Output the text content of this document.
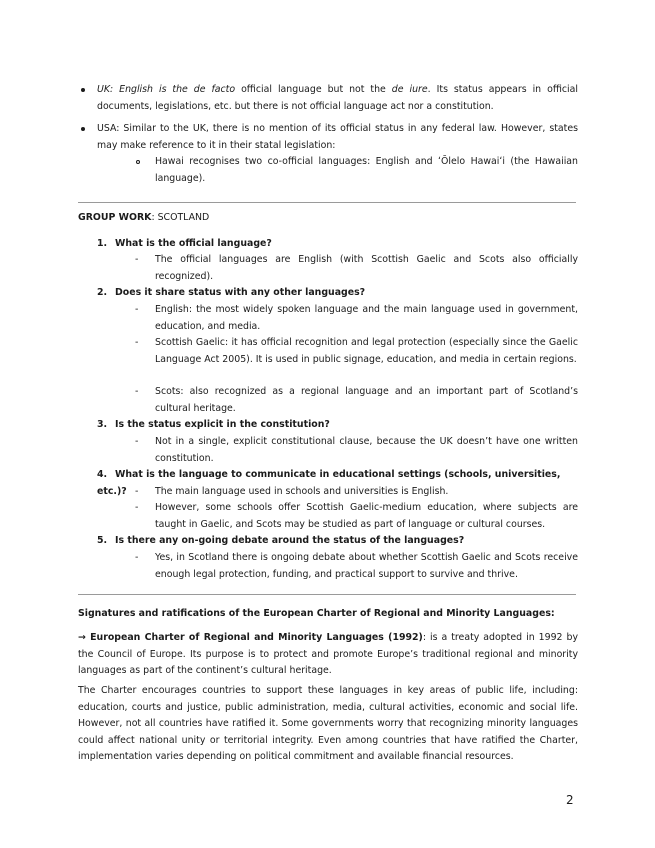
UK: English is the de facto official language but not the de iure. Its status appears in official documents, legislations, etc. but there is not official language act nor a constitution.
USA: Similar to the UK, there is no mention of its official status in any federal law. However, states may make reference to it in their statal legislation:
Hawai recognises two co-official languages: English and ʻŌlelo Hawaiʻi (the Hawaiian language).
GROUP WORK: SCOTLAND
1. What is the official language?
- The official languages are English (with Scottish Gaelic and Scots also officially recognized).
2. Does it share status with any other languages?
- English: the most widely spoken language and the main language used in government, education, and media.
- Scottish Gaelic: it has official recognition and legal protection (especially since the Gaelic Language Act 2005). It is used in public signage, education, and media in certain regions.
- Scots: also recognized as a regional language and an important part of Scotland’s cultural heritage.
3. Is the status explicit in the constitution?
- Not in a single, explicit constitutional clause, because the UK doesn’t have one written constitution.
4. What is the language to communicate in educational settings (schools, universities, etc.)? - The main language used in schools and universities is English.
- However, some schools offer Scottish Gaelic-medium education, where subjects are taught in Gaelic, and Scots may be studied as part of language or cultural courses.
5. Is there any on-going debate around the status of the languages?
- Yes, in Scotland there is ongoing debate about whether Scottish Gaelic and Scots receive enough legal protection, funding, and practical support to survive and thrive.
Signatures and ratifications of the European Charter of Regional and Minority Languages:
→ European Charter of Regional and Minority Languages (1992): is a treaty adopted in 1992 by the Council of Europe. Its purpose is to protect and promote Europe’s traditional regional and minority languages as part of the continent’s cultural heritage.
The Charter encourages countries to support these languages in key areas of public life, including: education, courts and justice, public administration, media, cultural activities, economic and social life. However, not all countries have ratified it. Some governments worry that recognizing minority languages could affect national unity or territorial integrity. Even among countries that have ratified the Charter, implementation varies depending on political commitment and available financial resources.
2
